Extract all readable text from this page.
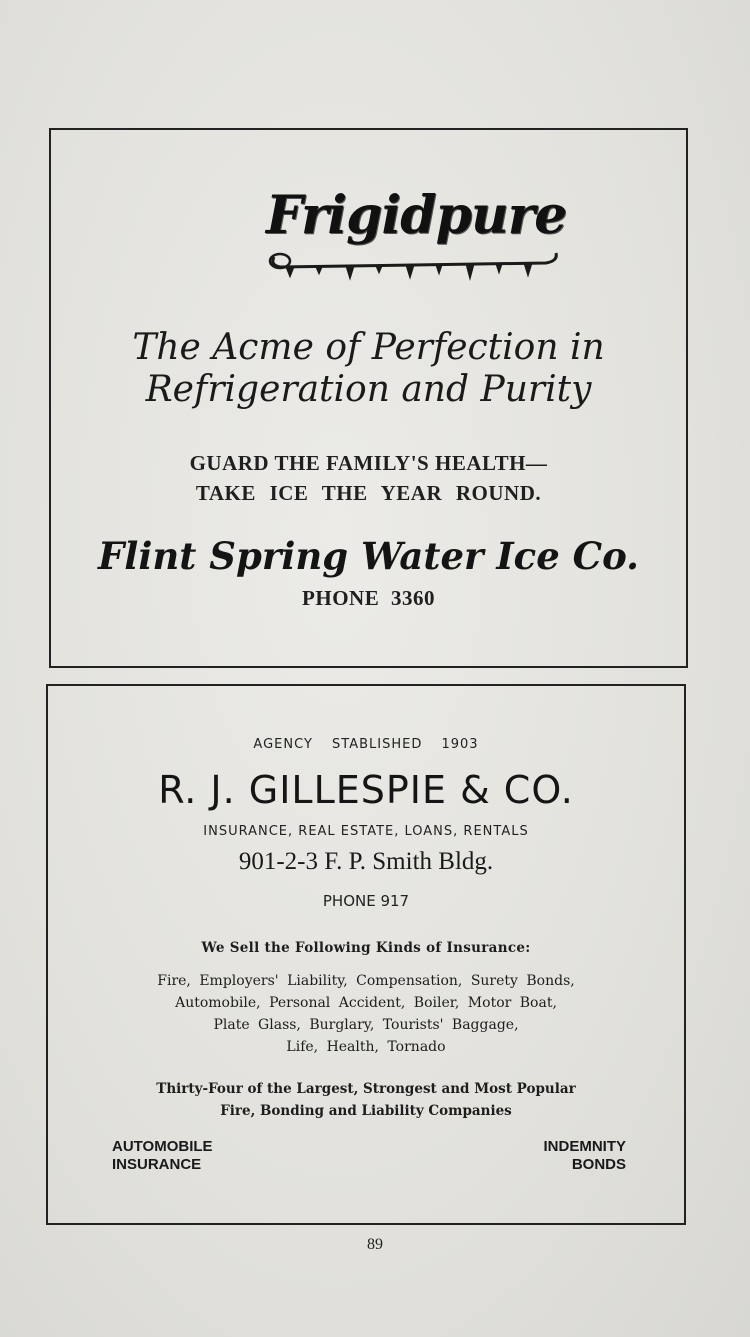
Frigidpure
The Acme of Perfection in
Refrigeration and Purity
GUARD THE FAMILY'S HEALTH—
TAKE ICE THE YEAR ROUND.
Flint Spring Water Ice Co.
PHONE 3360
AGENCY STABLISHED 1903
R. J. GILLESPIE & CO.
INSURANCE, REAL ESTATE, LOANS, RENTALS
901-2-3 F. P. Smith Bldg.
PHONE 917
We Sell the Following Kinds of Insurance:
Fire, Employers' Liability, Compensation, Surety Bonds,
Automobile, Personal Accident, Boiler, Motor Boat,
Plate Glass, Burglary, Tourists' Baggage,
Life, Health, Tornado
Thirty-Four of the Largest, Strongest and Most Popular
Fire, Bonding and Liability Companies
AUTOMOBILE
INSURANCE
INDEMNITY
BONDS
89
